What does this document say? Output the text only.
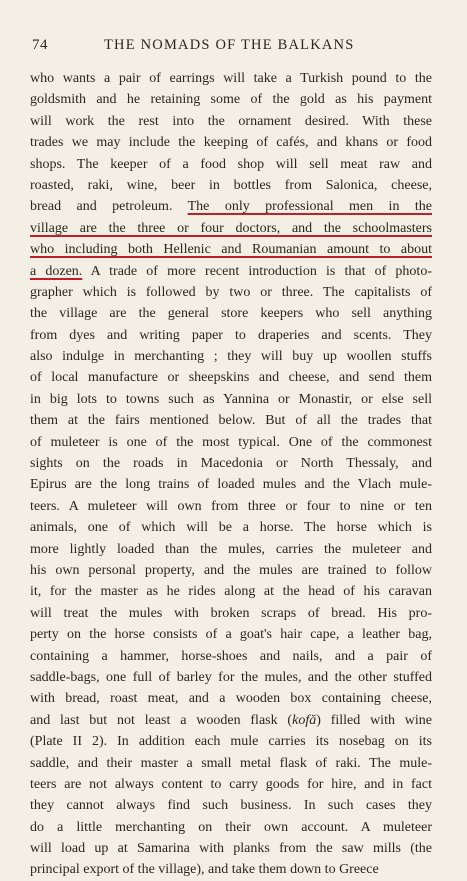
74	THE NOMADS OF THE BALKANS
who wants a pair of earrings will take a Turkish pound to the
goldsmith and he retaining some of the gold as his payment
will work the rest into the ornament desired. With these
trades we may include the keeping of cafés, and khans or food
shops. The keeper of a food shop will sell meat raw and
roasted, raki, wine, beer in bottles from Salonica, cheese,
bread and petroleum. The only professional men in the
village are the three or four doctors, and the schoolmasters
who including both Hellenic and Roumanian amount to about
a dozen. A trade of more recent introduction is that of photo-
grapher which is followed by two or three. The capitalists of
the village are the general store keepers who sell anything
from dyes and writing paper to draperies and scents. They
also indulge in merchanting ; they will buy up woollen stuffs
of local manufacture or sheepskins and cheese, and send them
in big lots to towns such as Yannina or Monastir, or else sell
them at the fairs mentioned below. But of all the trades that
of muleteer is one of the most typical. One of the commonest
sights on the roads in Macedonia or North Thessaly, and
Epirus are the long trains of loaded mules and the Vlach mule-
teers. A muleteer will own from three or four to nine or ten
animals, one of which will be a horse. The horse which is
more lightly loaded than the mules, carries the muleteer and
his own personal property, and the mules are trained to follow
it, for the master as he rides along at the head of his caravan
will treat the mules with broken scraps of bread. His pro-
perty on the horse consists of a goat's hair cape, a leather bag,
containing a hammer, horse-shoes and nails, and a pair of
saddle-bags, one full of barley for the mules, and the other stuffed
with bread, roast meat, and a wooden box containing cheese,
and last but not least a wooden flask (kofă) filled with wine
(Plate II 2). In addition each mule carries its nosebag on its
saddle, and their master a small metal flask of raki. The mule-
teers are not always content to carry goods for hire, and in fact
they cannot always find such business. In such cases they
do a little merchanting on their own account. A muleteer
will load up at Samarina with planks from the saw mills (the
principal export of the village), and take them down to Greece
